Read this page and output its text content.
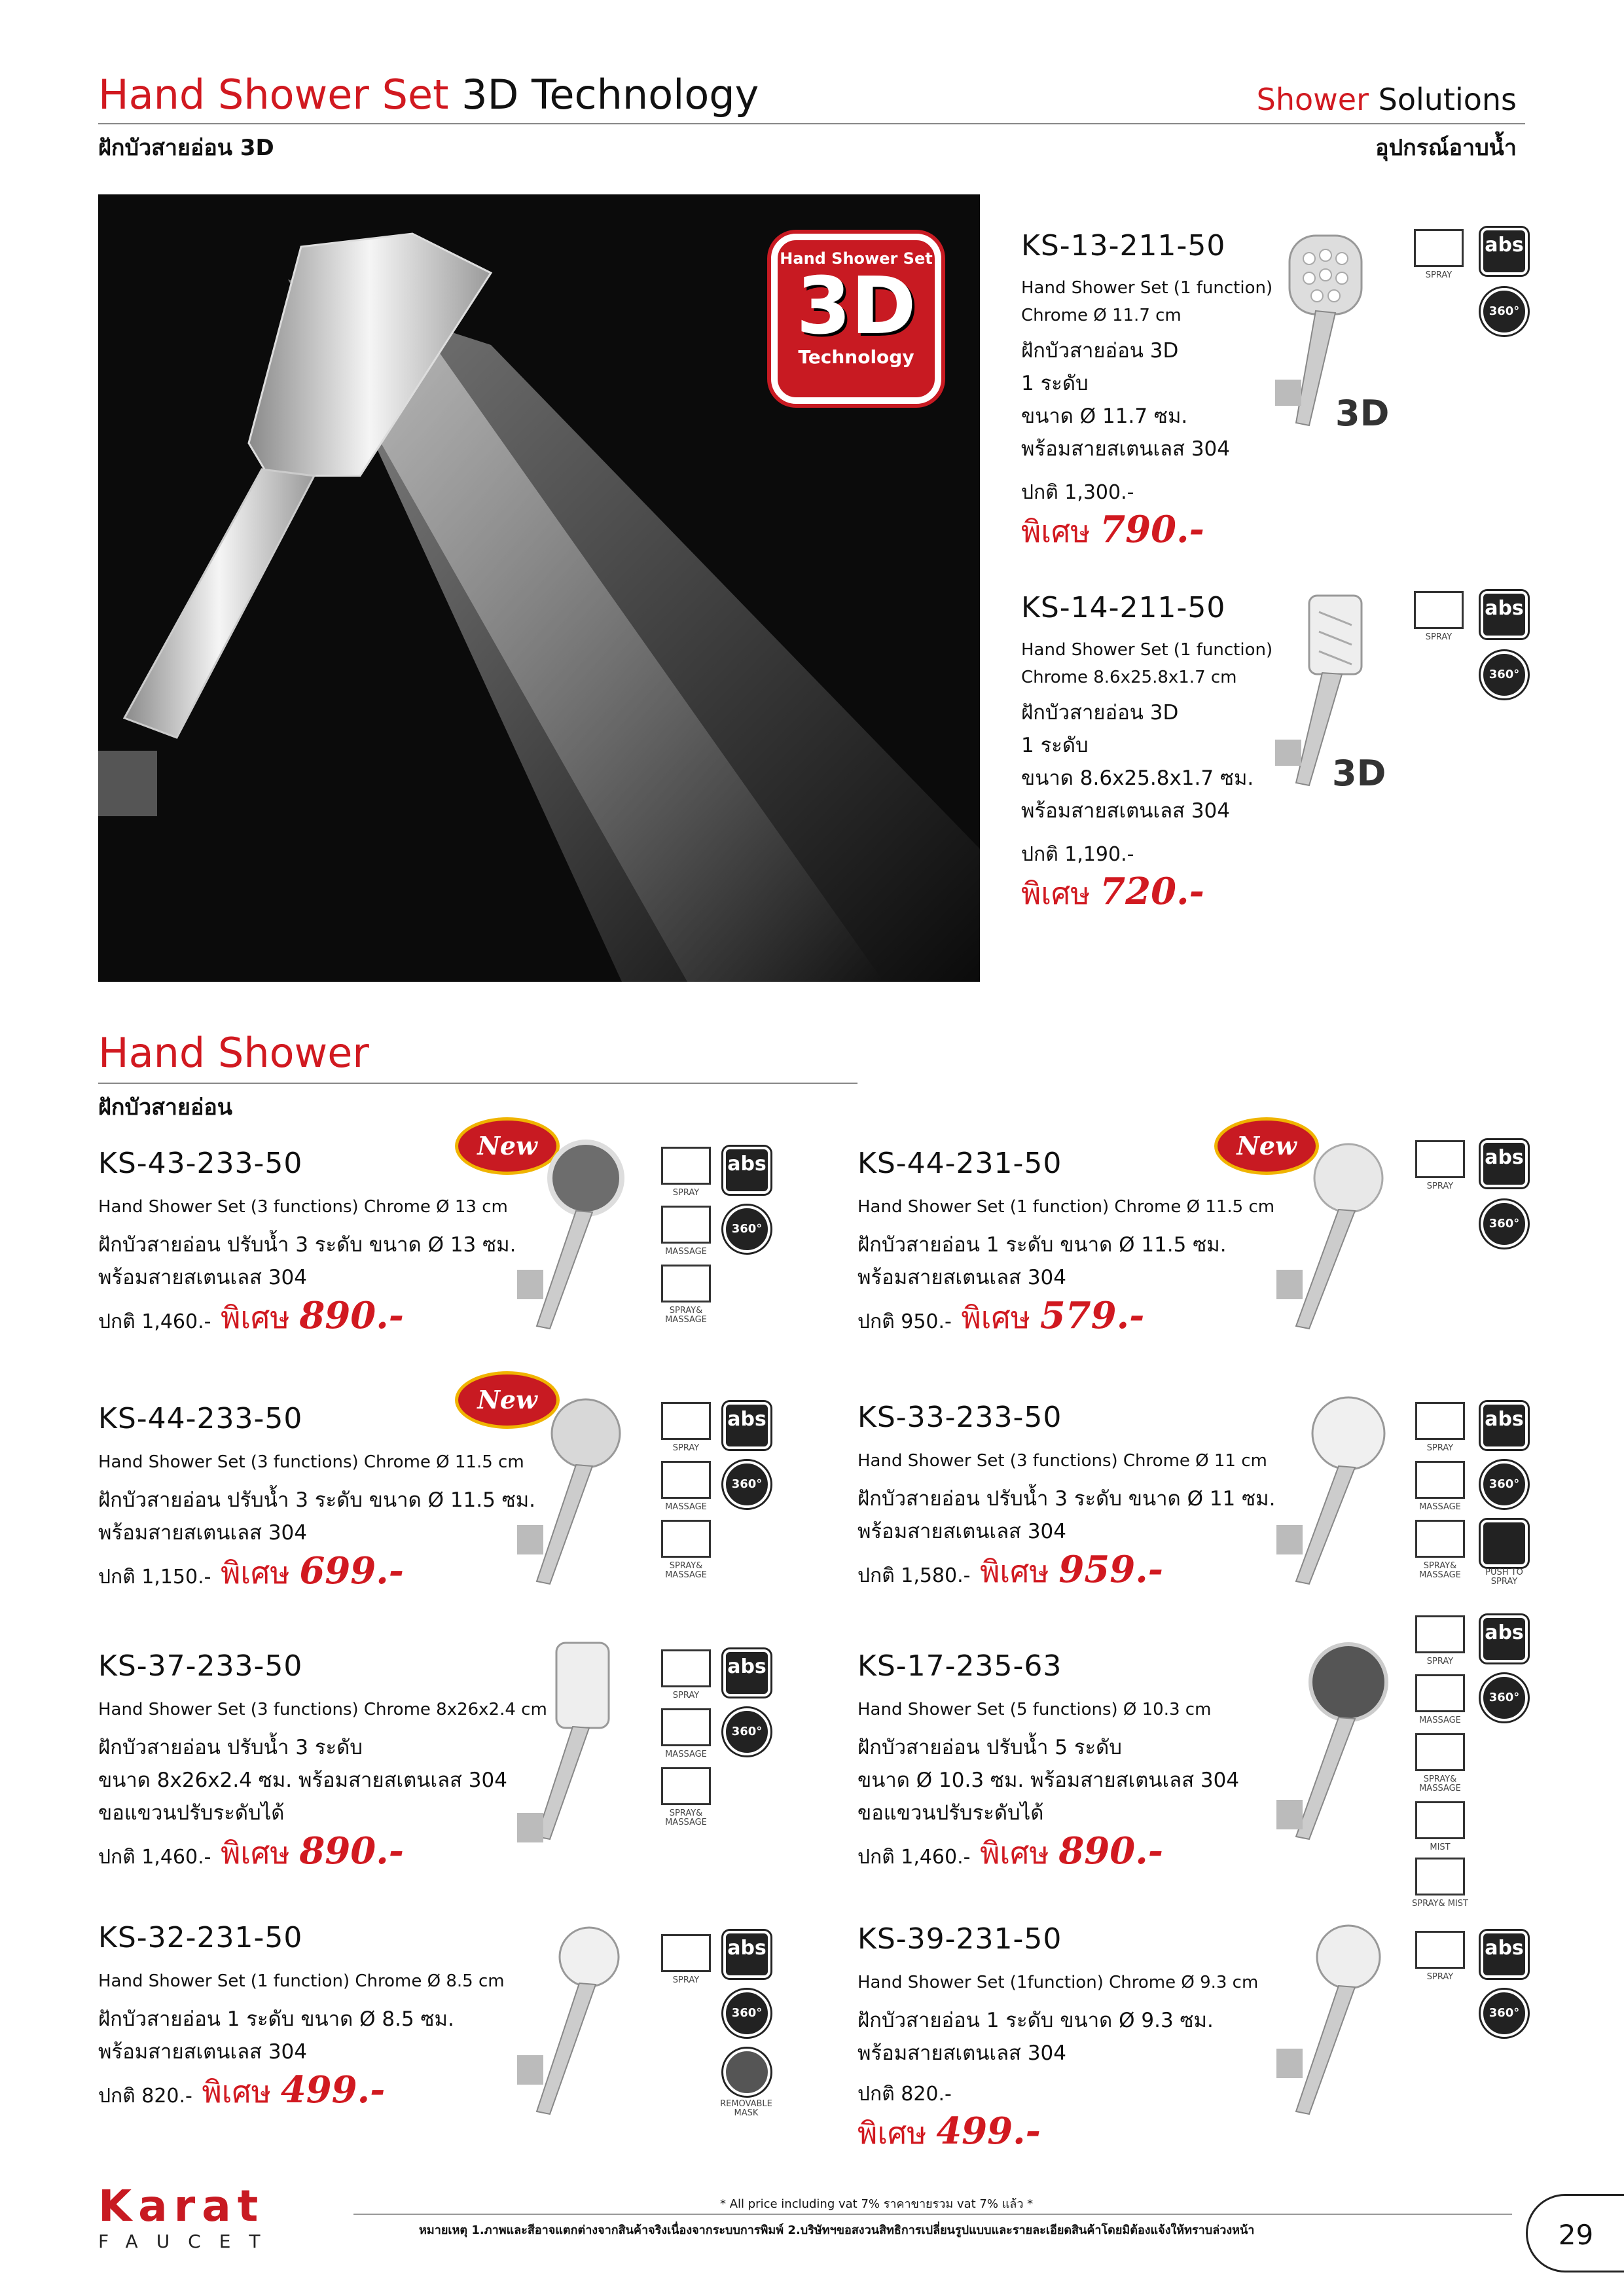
Hand Shower Set 3D Technology
ฝักบัวสายอ่อน 3D
Shower Solutions
อุปกรณ์อาบน้ำ
Hand Shower Set
3D
Technology
KS-13-211-50
Hand Shower Set (1 function)
Chrome Ø 11.7 cm
ฝักบัวสายอ่อน 3D
1 ระดับ
ขนาด Ø 11.7 ซม.
พร้อมสายสเตนเลส 304
ปกติ 1,300.-
พิเศษ 790.-
3D
SPRAY
abs
360°
KS-14-211-50
Hand Shower Set (1 function)
Chrome 8.6x25.8x1.7 cm
ฝักบัวสายอ่อน 3D
1 ระดับ
ขนาด 8.6x25.8x1.7 ซม.
พร้อมสายสเตนเลส 304
ปกติ 1,190.-
พิเศษ 720.-
3D
SPRAY
abs
360°
Hand Shower
ฝักบัวสายอ่อน
KS-43-233-50
Hand Shower Set (3 functions) Chrome Ø 13 cm
ฝักบัวสายอ่อน ปรับน้ำ 3 ระดับ ขนาด Ø 13 ซม.
พร้อมสายสเตนเลส 304
ปกติ 1,460.- พิเศษ 890.-
New
SPRAY
MASSAGE
SPRAY& MASSAGE
abs
360°
KS-44-231-50
Hand Shower Set (1 function) Chrome Ø 11.5 cm
ฝักบัวสายอ่อน 1 ระดับ ขนาด Ø 11.5 ซม.
พร้อมสายสเตนเลส 304
ปกติ 950.- พิเศษ 579.-
New
SPRAY
abs
360°
KS-44-233-50
Hand Shower Set (3 functions) Chrome Ø 11.5 cm
ฝักบัวสายอ่อน ปรับน้ำ 3 ระดับ ขนาด Ø 11.5 ซม.
พร้อมสายสเตนเลส 304
ปกติ 1,150.- พิเศษ 699.-
New
SPRAY
MASSAGE
SPRAY& MASSAGE
abs
360°
KS-33-233-50
Hand Shower Set (3 functions) Chrome Ø 11 cm
ฝักบัวสายอ่อน ปรับน้ำ 3 ระดับ ขนาด Ø 11 ซม.
พร้อมสายสเตนเลส 304
ปกติ 1,580.- พิเศษ 959.-
SPRAY
MASSAGE
SPRAY& MASSAGE
abs
360°
PUSH TO SPRAY
KS-37-233-50
Hand Shower Set (3 functions) Chrome 8x26x2.4 cm
ฝักบัวสายอ่อน ปรับน้ำ 3 ระดับ
ขนาด 8x26x2.4 ซม. พร้อมสายสเตนเลส 304
ขอแขวนปรับระดับได้
ปกติ 1,460.- พิเศษ 890.-
SPRAY
MASSAGE
SPRAY& MASSAGE
abs
360°
KS-17-235-63
Hand Shower Set (5 functions) Ø 10.3 cm
ฝักบัวสายอ่อน ปรับน้ำ 5 ระดับ
ขนาด Ø 10.3 ซม. พร้อมสายสเตนเลส 304
ขอแขวนปรับระดับได้
ปกติ 1,460.- พิเศษ 890.-
SPRAY
MASSAGE
SPRAY& MASSAGE
MIST
SPRAY& MIST
abs
360°
KS-32-231-50
Hand Shower Set (1 function) Chrome Ø 8.5 cm
ฝักบัวสายอ่อน 1 ระดับ ขนาด Ø 8.5 ซม.
พร้อมสายสเตนเลส 304
ปกติ 820.- พิเศษ 499.-
SPRAY
abs
360°
REMOVABLE MASK
KS-39-231-50
Hand Shower Set (1function) Chrome Ø 9.3 cm
ฝักบัวสายอ่อน 1 ระดับ ขนาด Ø 9.3 ซม.
พร้อมสายสเตนเลส 304
ปกติ 820.-
พิเศษ 499.-
SPRAY
abs
360°
Karat
FAUCET
* All price including vat 7% ราคาขายรวม vat 7% แล้ว *
หมายเหตุ 1.ภาพและสีอาจแตกต่างจากสินค้าจริงเนื่องจากระบบการพิมพ์ 2.บริษัทฯขอสงวนสิทธิการเปลี่ยนรูปแบบและรายละเอียดสินค้าโดยมิต้องแจ้งให้ทราบล่วงหน้า	29
